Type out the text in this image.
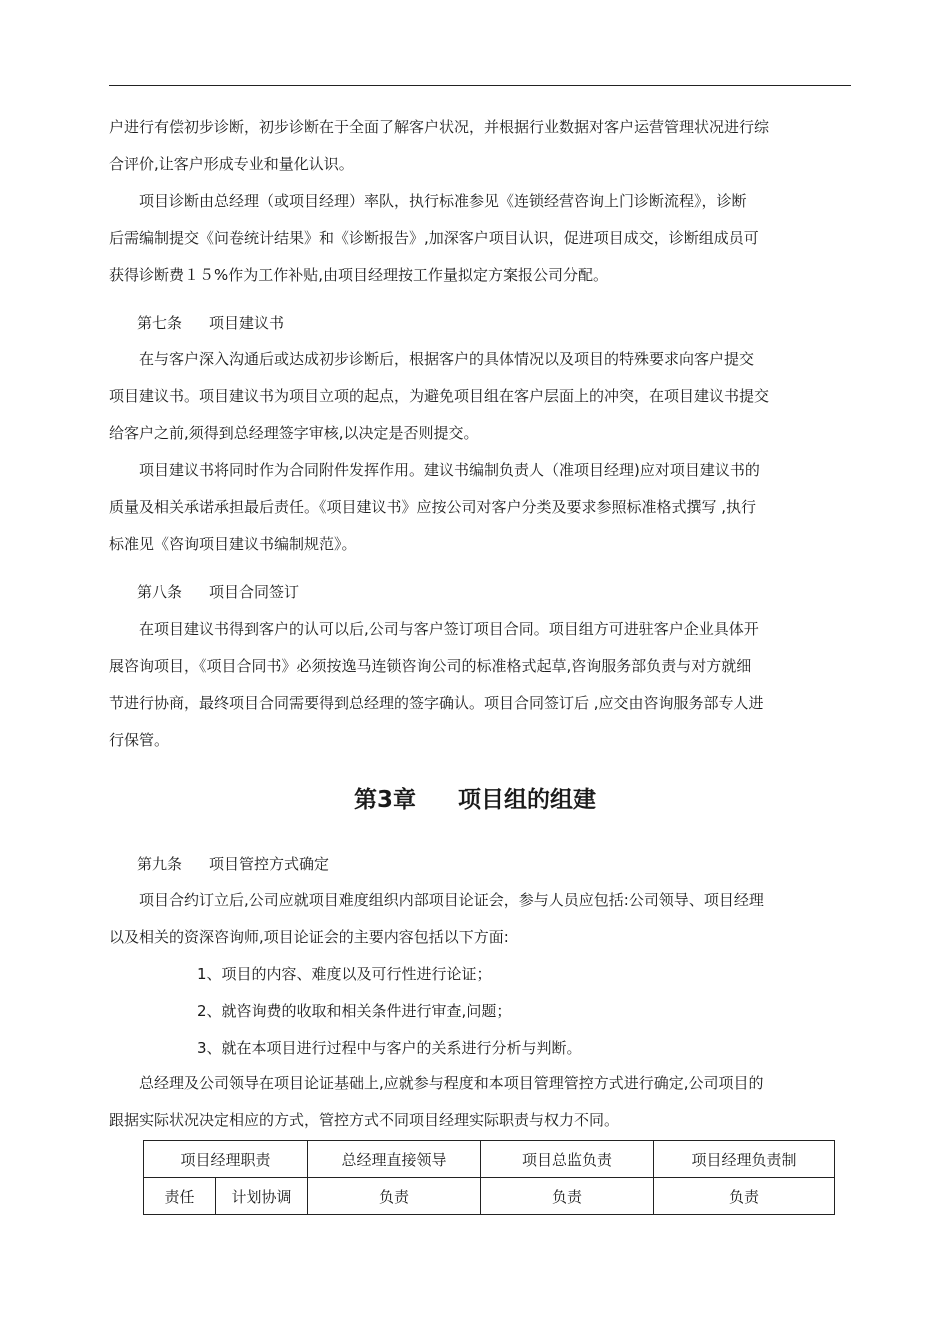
户进行有偿初步诊断，初步诊断在于全面了解客户状况，并根据行业数据对客户运营管理状况进行综

合评价,让客户形成专业和量化认识。

　　项目诊断由总经理（或项目经理）率队，执行标准参见《连锁经营咨询上门诊断流程》，诊断

后需编制提交《问卷统计结果》和《诊断报告》,加深客户项目认识，促进项目成交，诊断组成员可

获得诊断费１５%作为工作补贴,由项目经理按工作量拟定方案报公司分配。

第七条 项目建议书

　　在与客户深入沟通后或达成初步诊断后，根据客户的具体情况以及项目的特殊要求向客户提交

项目建议书。项目建议书为项目立项的起点，为避免项目组在客户层面上的冲突，在项目建议书提交

给客户之前,须得到总经理签字审核,以决定是否则提交。

　　项目建议书将同时作为合同附件发挥作用。建议书编制负责人（准项目经理)应对项目建议书的

质量及相关承诺承担最后责任。《项目建议书》应按公司对客户分类及要求参照标准格式撰写 ,执行

标准见《咨询项目建议书编制规范》。

第八条 项目合同签订

　　在项目建议书得到客户的认可以后,公司与客户签订项目合同。项目组方可进驻客户企业具体开

展咨询项目，《项目合同书》必须按逸马连锁咨询公司的标准格式起草,咨询服务部负责与对方就细

节进行协商，最终项目合同需要得到总经理的签字确认。项目合同签订后 ,应交由咨询服务部专人进

行保管。

第3章 项目组的组建
第九条 项目管控方式确定

　　项目合约订立后,公司应就项目难度组织内部项目论证会，参与人员应包括:公司领导、项目经理

以及相关的资深咨询师,项目论证会的主要内容包括以下方面:

1、项目的内容、难度以及可行性进行论证；
2、就咨询费的收取和相关条件进行审查,问题；
3、就在本项目进行过程中与客户的关系进行分析与判断。

　　总经理及公司领导在项目论证基础上,应就参与程度和本项目管理管控方式进行确定,公司项目的

跟据实际状况决定相应的方式，管控方式不同项目经理实际职责与权力不同。

项目经理职责		总经理直接领导	项目总监负责	项目经理负责制
责任	计划协调	负责	负责	负责
